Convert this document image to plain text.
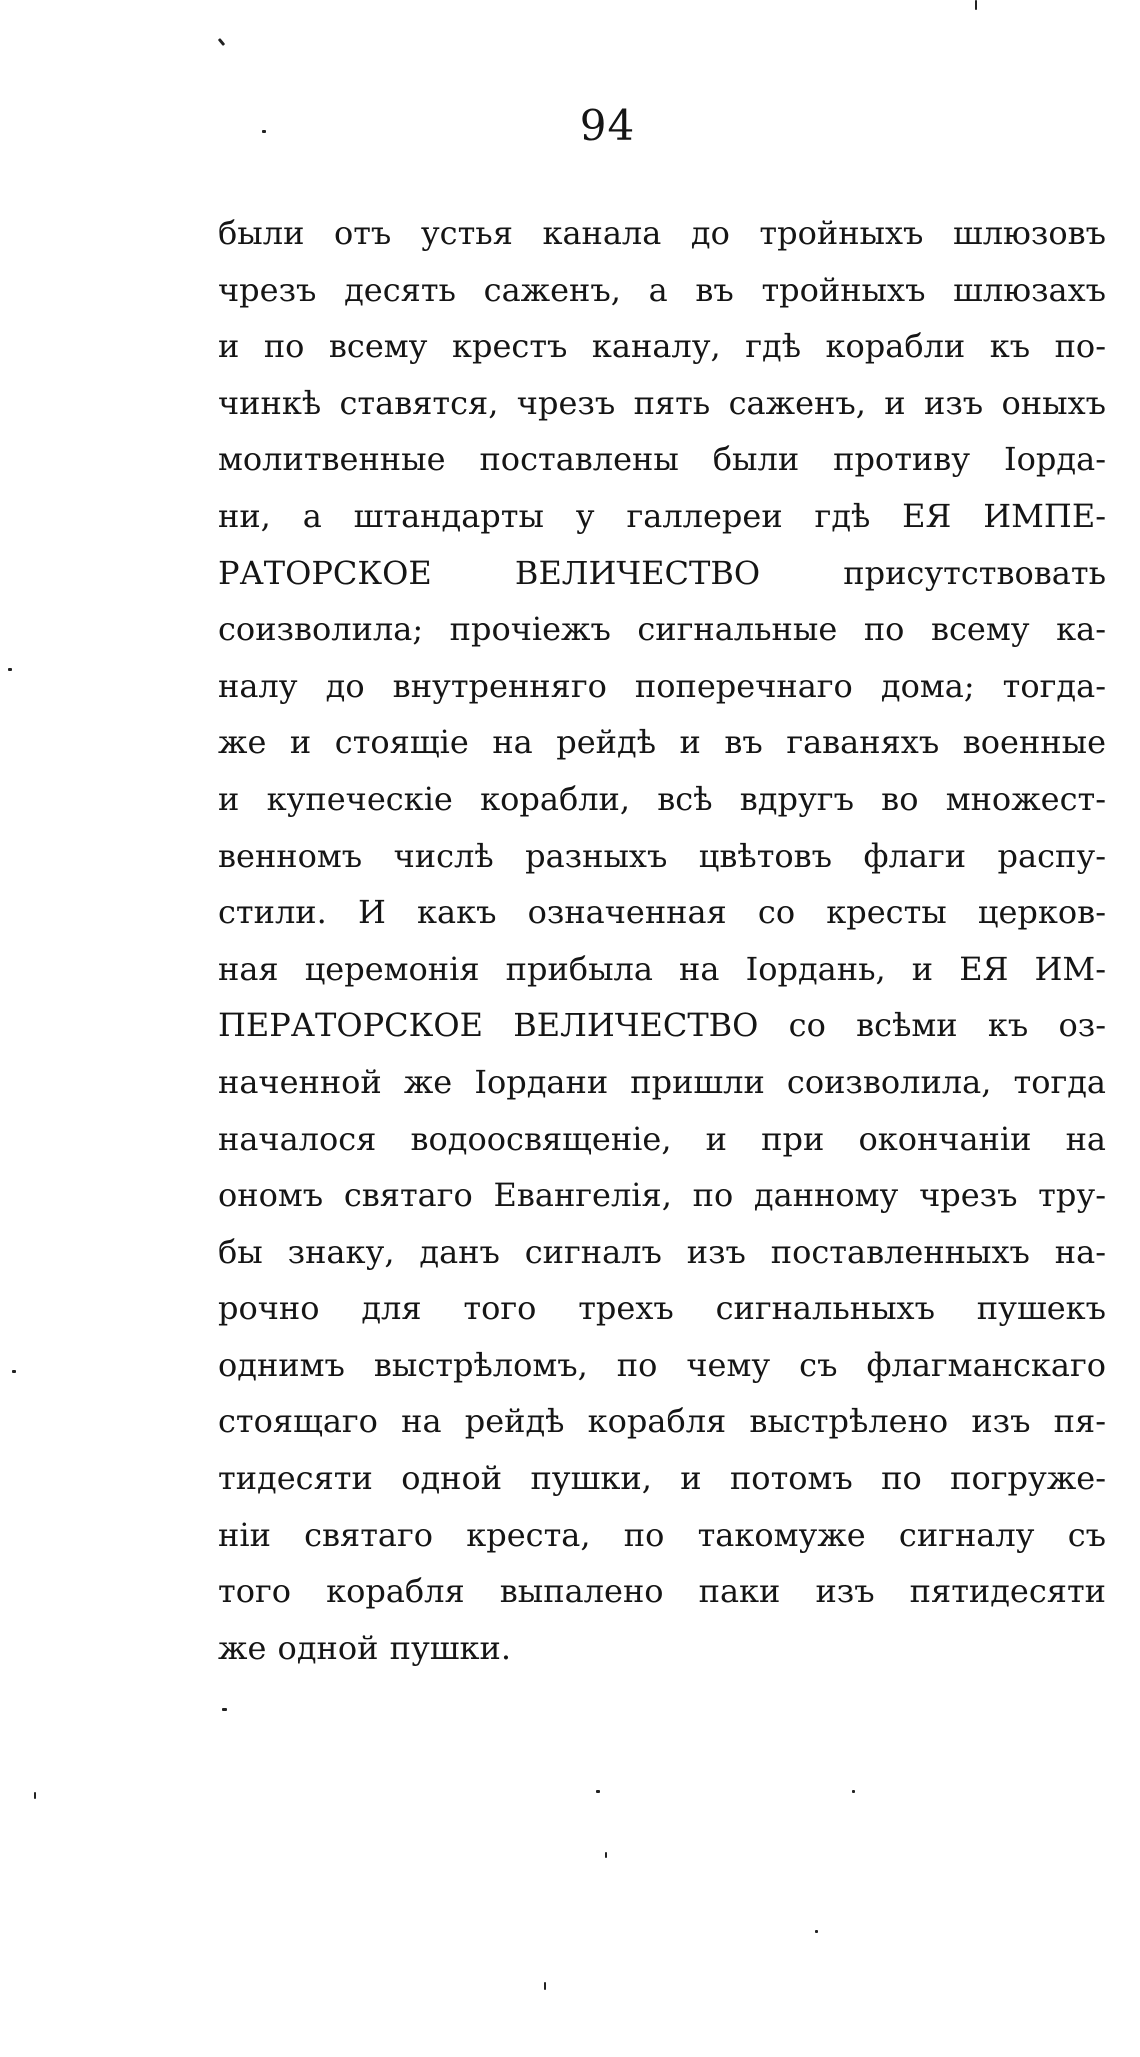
94
были отъ устья канала до тройныхъ шлюзовъ
чрезъ десять саженъ, а въ тройныхъ шлюзахъ
и по всему крестъ каналу, гдѣ корабли къ по-
чинкѣ ставятся, чрезъ пять саженъ, и изъ оныхъ
молитвенные поставлены были противу Іорда-
ни, а штандарты у галлереи гдѣ ЕЯ ИМПЕ-
РАТОРСКОЕ ВЕЛИЧЕСТВО присутствовать
соизволила; прочіежъ сигнальные по всему ка-
налу до внутренняго поперечнаго дома; тогда-
же и стоящіе на рейдѣ и въ гаваняхъ военные
и купеческіе корабли, всѣ вдругъ во множест-
венномъ числѣ разныхъ цвѣтовъ флаги распу-
стили. И какъ означенная со кресты церков-
ная церемонія прибыла на Іордань, и ЕЯ ИМ-
ПЕРАТОРСКОЕ ВЕЛИЧЕСТВО со всѣми къ оз-
наченной же Іордани пришли соизволила, тогда
началося водоосвященіе, и при окончаніи на
ономъ святаго Евангелія, по данному чрезъ тру-
бы знаку, данъ сигналъ изъ поставленныхъ на-
рочно для того трехъ сигнальныхъ пушекъ
однимъ выстрѣломъ, по чему съ флагманскаго
стоящаго на рейдѣ корабля выстрѣлено изъ пя-
тидесяти одной пушки, и потомъ по погруже-
ніи святаго креста, по такомуже сигналу съ
того корабля выпалено паки изъ пятидесяти
же одной пушки.
